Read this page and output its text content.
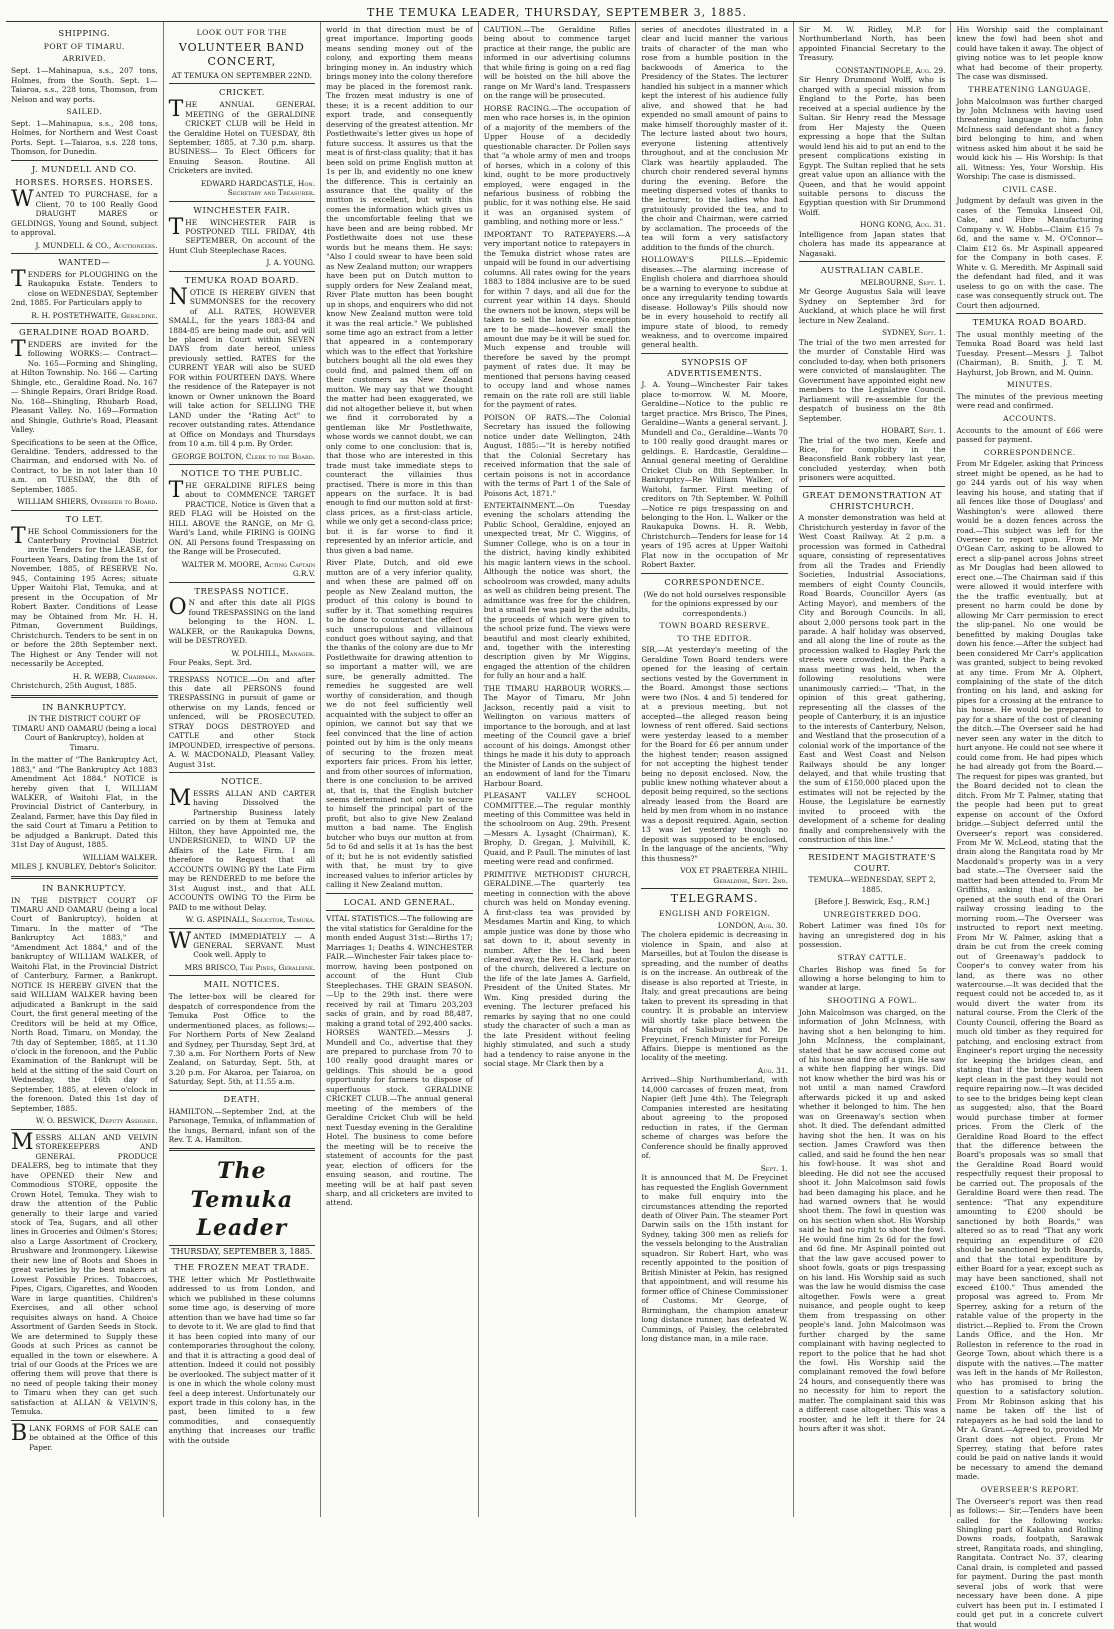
THE TEMUKA LEADER, THURSDAY, SEPTEMBER 3, 1885.
SHIPPING.
PORT OF TIMARU.
ARRIVED.

Sept. 1—Mahinapua, s.s., 207 tons, Holmes, from the South. Sept. 1—Taiaroa, s.s., 228 tons, Thomson, from Nelson and way ports.

SAILED.

Sept. 1—Mahinapua, s.s., 208 tons, Holmes, for Northern and West Coast Ports. Sept. 1—Taiaroa, s.s. 228 tons, Thomson, for Dunedin.

J. MUNDELL AND CO.
HORSES. HORSES. HORSES.

WANTED TO PURCHASE, for a Client, 70 to 100 Really Good DRAUGHT MARES or GELDINGS, Young and Sound, subject to approval.

J. MUNDELL & CO., Auctioneers.

WANTED—

TENDERS for PLOUGHING on the Raukapuka Estate. Tenders to close on WEDNESDAY, September 2nd, 1885. For Particulars apply to

R. H. POSTETHWAITE, Geraldine.

GERALDINE ROAD BOARD.

TENDERS are invited for the following WORKS:— Contract— No. 165—Forming and Shingling, at Hilton Township. No. 166 — Carting Shingle, etc., Geraldine Road. No. 167 — Shingle Repairs, Orari Bridge Road. No. 168—Shingling, Rhubarb Road, Pleasant Valley. No. 169—Formation and Shingle, Guthrie's Road, Pleasant Valley.

Specifications to be seen at the Office, Geraldine. Tenders, addressed to the Chairman, and endorsed with No. of Contract, to be in not later than 10 a.m. on TUESDAY, the 8th of September, 1885.

WILLIAM SHIERS, Overseer to Board.

TO LET.

THE School Commissioners for the Canterbury Provincial District invite Tenders for the LEASE, for Fourteen Years, Dating from the 1st of November, 1885, of RESERVE No. 945, Containing 195 Acres; situate Upper Waitohi Flat, Temuka, and at present in the Occupation of Mr Robert Baxter. Conditions of Lease may be Obtained from Mr. H. H. Pitman, Government Buildings, Christchurch. Tenders to be sent in on or before the 28th September next. The Highest or Any Tender will not necessarily be Accepted.

H. R. WEBB, Chairman.

Christchurch, 25th August, 1885.

IN BANKRUPTCY.

IN THE DISTRICT COURT OF TIMARU AND OAMARU (being a local Court of Bankruptcy), holden at Timaru.

In the matter of "The Bankruptcy Act, 1883," and "The Bankruptcy Act 1883 Amendment Act 1884." NOTICE is hereby given that I, WILLIAM WALKER, of Waitohi Flat, in the Provincial District of Canterbury, in Zealand, Farmer, have this Day filed in the said Court at Timaru a Petition to be adjudged a Bankrupt. Dated this 31st Day of August, 1885.

WILLIAM WALKER.

MILES J. KNUBLEY, Debtor's Solicitor.

IN BANKRUPTCY.

IN THE DISTRICT COURT OF TIMARU AND OAMARU (being a local Court of Bankruptcy), holden at Timaru. In the matter of "The Bankruptcy Act 1883," and "Amendment Act 1884," and of the bankruptcy of WILLIAM WALKER, of Waitohi Flat, in the Provincial District of Canterbury, Farmer, a Bankrupt. NOTICE IS HEREBY GIVEN that the said WILLIAM WALKER having been adjudicated a Bankrupt in the said Court, the first general meeting of the Creditors will be held at my Office, North Road, Timaru, on Monday, the 7th day of September, 1885, at 11.30 o'clock in the forenoon, and the Public Examination of the Bankrupt will be held at the sitting of the said Court on Wednesday, the 16th day of September, 1885, at eleven o'clock in the forenoon. Dated this 1st day of September, 1885.

W. O. BESWICK, Deputy Assignee.

MESSRS ALLAN AND VELVIN STOREKEEPERS AND GENERAL PRODUCE DEALERS, beg to intimate that they have OPENED their New and Commodious STORE, opposite the Crown Hotel, Temuka. They wish to draw the attention of the Public generally to their large and varied stock of Tea, Sugars, and all other lines in Groceries and Oilmen's Stores; also a Large Assortment of Crockery, Brushware and Ironmongery. Likewise their new line of Boots and Shoes in great varieties by the best makers at Lowest Possible Prices. Tobaccoes, Pipes, Cigars, Cigarettes, and Wooden Ware in large quantities. Children's Exercises, and all other school requisites always on hand. A Choice Assortment of Garden Seeds in Stock. We are determined to Supply these Goods at such Prices as cannot be equalled in the town or elsewhere. A trial of our Goods at the Prices we are offering them will prove that there is no need of people taking their money to Timaru when they can get such satisfaction at ALLAN & VELVIN'S, Temuka.

BLANK FORMS of FOR SALE can be obtained at the Office of this Paper.

LOOK OUT FOR THE
VOLUNTEER BAND CONCERT,

AT TEMUKA ON SEPTEMBER 22ND.

CRICKET.

THE ANNUAL GENERAL MEETING of the GERALDINE CRICKET CLUB will be Held in the Geraldine Hotel on TUESDAY, 8th September, 1885, at 7.30 p.m. sharp. BUSINESS— To Elect Officers for Ensuing Season. Routine. All Cricketers are invited.

EDWARD HARDCASTLE, Hon. Secretary and Treasurer.

WINCHESTER FAIR.

THE WINCHESTER FAIR is POSTPONED TILL FRIDAY, 4th SEPTEMBER, On account of the Hunt Club Steeplechase Races.

J. A. YOUNG.

TEMUKA ROAD BOARD.

NOTICE IS HEREBY GIVEN that SUMMONSES for the recovery of ALL RATES, HOWEVER SMALL, for the years 1883-84 and 1884-85 are being made out, and will be placed in Court within SEVEN DAYS from date hereof, unless previously settled. RATES for the CURRENT YEAR will also be SUED FOR within FOURTEEN DAYS. Where the residence of the Ratepayer is not known or Owner unknown the Board will take action for SELLING THE LAND under the "Rating Act" to recover outstanding rates. Attendance at Office on Mondays and Thursdays from 10 a.m. till 4 p.m. By Order.

GEORGE BOLTON, Clerk to the Board.

NOTICE TO THE PUBLIC.

THE GERALDINE RIFLES being about to COMMENCE TARGET PRACTICE, Notice is Given that a RED FLAG will be Hoisted on the HILL ABOVE the RANGE, on Mr G. Ward's Land, while FIRING is GOING ON. All Persons found Trespassing on the Range will be Prosecuted.

WALTER M. MOORE, Acting Captain G.R.V.

TRESPASS NOTICE.

ON and after this date all PIGS found TRESPASSING on the land belonging to the HON. L. WALKER, or the Raukapuka Downs, will be DESTROYED.

W. POLHILL, Manager.

Four Peaks, Sept. 3rd.

TRESPASS NOTICE.—On and after this date all PERSONS found TRESPASSING in pursuit of game or otherwise on my Lands, fenced or unfenced, will be PROSECUTED. STRAY DOGS DESTROYED and CATTLE and other Stock IMPOUNDED, irrespective of persons. A. W. MACDONALD, Pleasant Valley. August 31st.

NOTICE.

MESSRS ALLAN AND CARTER having Dissolved the Partnership Business lately carried on by them at Temuka and Hilton, they have Appointed me, the UNDERSIGNED, to WIND UP the Affairs of the Late Firm. I am therefore to Request that all ACCOUNTS OWING BY the Late Firm may be RENDERED to me before the 31st August inst., and that ALL ACCOUNTS OWING TO the Firm be PAID to me without Delay.

W. G. ASPINALL, Solicitor, Temuka.

WANTED IMMEDIATELY — A GENERAL SERVANT. Must Cook well. Apply to

MRS BRISCO, The Pines, Geraldine.

MAIL NOTICES.

The letter-box will be cleared for despatch of correspondence from the Temuka Post Office to the undermentioned places, as follows:— For Northern Ports of New Zealand and Sydney, per Thursday, Sept 3rd, at 7.30 a.m. For Northern Ports of New Zealand, on Saturday, Sept. 5th, at 3.20 p.m. For Akaroa, per Taiaroa, on Saturday, Sept. 5th, at 11.55 a.m.

DEATH.

HAMILTON.—September 2nd, at the Parsonage, Temuka, of inflammation of the lungs, Bernard, infant son of the Rev. T. A. Hamilton.

The Temuka Leader
THURSDAY, SEPTEMBER 3, 1885.
THE FROZEN MEAT TRADE.

THE letter which Mr Postlethwaite addressed to us from London, and which we published in these columns some time ago, is deserving of more attention than we have had time so far to devote to it. We are glad to find that it has been copied into many of our contemporaries throughout the colony, and that it is attracting a good deal of attention. Indeed it could not possibly be overlooked. The subject matter of it is one in which the whole colony must feel a deep interest. Unfortunately our export trade in this colony has, in the past, been limited to a few commodities, and consequently anything that increases our traffic with the outside

world in that direction must be of great importance. Importing goods means sending money out of the colony, and exporting them means bringing money in. An industry which brings money into the colony therefore may be placed in the foremost rank. The frozen meat industry is one of these; it is a recent addition to our export trade, and consequently deserving of the greatest attention. Mr Postlethwaite's letter gives us hope of future success. It assures us that the meat is of first-class quality; that it has been sold on prime English mutton at 1s per lb, and evidently no one knew the difference. This is certainly an assurance that the quality of the mutton is excellent, but with this comes the information which gives us the uncomfortable feeling that we have been and are being robbed. Mr Postlethwaite does not use these words but he means them. He says: "Also I could swear to have been sold as New Zealand mutton; our wrappers have been put on Dutch mutton to supply orders for New Zealand meat, River Plate mutton has been bought up in shops, and enquirers who did not know New Zealand mutton were told it was the real article." We published some time ago an extract from a letter that appeared in a contemporary which was to the effect that Yorkshire butchers bought all the old ewes they could find, and palmed them off on their customers as New Zealand mutton. We may say that we thought the matter had been exaggerated, we did not altogether believe it, but when we find it corroborated by a gentleman like Mr Postlethwaite, whose words we cannot doubt, we can only come to one conclusion: that is, that those who are interested in this trade must take immediate steps to counteract the villainies thus practised. There is more in this than appears on the surface. It is bad enough to find our mutton sold at first-class prices, as a first-class article, while we only get a second-class price; but it is far worse to find it represented by an inferior article, and thus given a bad name.

River Plate, Dutch, and old ewe mutton are of a very inferior quality, and when these are palmed off on people as New Zealand mutton, the product of this colony is bound to suffer by it. That something requires to be done to counteract the effect of such unscrupulous and villainous conduct goes without saying, and that the thanks of the colony are due to Mr Postlethwaite for drawing attention to so important a matter will, we are sure, be generally admitted. The remedies he suggested are well worthy of consideration, and though we do not feel sufficiently well acquainted with the subject to offer an opinion, we cannot but say that we feel convinced that the line of action pointed out by him is the only means of securing to the frozen meat exporters fair prices. From his letter, and from other sources of information, there is one conclusion to be arrived at, that is, that the English butcher seems determined not only to secure to himself the principal part of the profit, but also to give New Zealand mutton a bad name. The English butcher who buys our mutton at from 5d to 6d and sells it at 1s has the best of it; but he is not evidently satisfied with that, he must try to give increased values to inferior articles by calling it New Zealand mutton.

LOCAL AND GENERAL.

VITAL STATISTICS.—The following are the vital statistics for Geraldine for the month ended August 31st:—Births 17; Marriages 1; Deaths 4. WINCHESTER FAIR.—Winchester Fair takes place to-morrow, having been postponed on account of the Hunt Club Steeplechases. THE GRAIN SEASON.—Up to the 29th inst. there were received by rail at Timaru 203,203 sacks of grain, and by road 88,487, making a grand total of 292,400 sacks. HORSES WANTED.—Messrs J. Mundell and Co., advertise that they are prepared to purchase from 70 to 100 really good draught mares or geldings. This should be a good opportunity for farmers to dispose of superfluous stock. GERALDINE CRICKET CLUB.—The annual general meeting of the members of the Geraldine Cricket Club will be held next Tuesday evening in the Geraldine Hotel. The business to come before the meeting will be to receive the statement of accounts for the past year, election of officers for the ensuing season, and routine. The meeting will be at half past seven sharp, and all cricketers are invited to attend.

CAUTION.—The Geraldine Rifles being about to commence target practice at their range, the public are informed in our advertising columns that while firing is going on a red flag will be hoisted on the hill above the range on Mr Ward's land. Trespassers on the range will be prosecuted.

HORSE RACING.—The occupation of men who race horses is, in the opinion of a majority of the members of the Upper House of a decidedly questionable character. Dr Pollen says that "a whole army of men and troops of horses, which in a colony of this kind, ought to be more productively employed, were engaged in the nefarious business of robbing the public, for it was nothing else. He said it was an organised system of gambling, and nothing more or less."

IMPORTANT TO RATEPAYERS.—A very important notice to ratepayers in the Temuka district whose rates are unpaid will be found in our advertising columns. All rates owing for the years 1883 to 1884 inclusive are to be sued for within 7 days, and all due for the current year within 14 days. Should the owners not be known, steps will be taken to sell the land. No exception are to be made—however small the amount due may be it will be sued for. Much expense and trouble will therefore be saved by the prompt payment of rates due. It may be mentioned that persons having ceased to occupy land and whose names remain on the rate roll are still liable for the payment of rates.

POISON OF RATS.—The Colonial Secretary has issued the following notice under date Wellington, 24th August, 1885:—"It is hereby notified that the Colonial Secretary has received information that the sale of certain poisons is not in accordance with the terms of Part 1 of the Sale of Poisons Act, 1871."

ENTERTAINMENT.—On Tuesday evening the scholars attending the Public School, Geraldine, enjoyed an unexpected treat, Mr C. Wiggins, of Sumner College, who is on a tour in the district, having kindly exhibited his magic lantern views in the school. Although the notice was short, the schoolroom was crowded, many adults as well as children being present. The admittance was free for the children, but a small fee was paid by the adults, the proceeds of which were given to the school prize fund. The views were beautiful and most clearly exhibited, and, together with the interesting description given by Mr Wiggins, engaged the attention of the children for fully an hour and a half.

THE TIMARU HARBOUR WORKS.—The Mayor of Timaru, Mr John Jackson, recently paid a visit to Wellington on various matters of importance to the borough, and at last meeting of the Council gave a brief account of his doings. Amongst other things he made it his duty to approach the Minister of Lands on the subject of an endowment of land for the Timaru Harbour Board.

PLEASANT VALLEY SCHOOL COMMITTEE.—The regular monthly meeting of this Committee was held in the schoolroom on Aug. 29th. Present—Messrs A. Lysaght (Chairman), K. Brophy, D. Gregan, J. Mulvihill, K. Quaid, and P. Paull. The minutes of last meeting were read and confirmed.

PRIMITIVE METHODIST CHURCH, GERALDINE.—The quarterly tea meeting in connection with the above church was held on Monday evening. A first-class tea was provided by Mesdames Martin and King, to which ample justice was done by those who sat down to it, about seventy in number. After the tea had been cleared away, the Rev. H. Clark, pastor of the church, delivered a lecture on the life of the late James A. Garfield, President of the United States. Mr Wm. King presided during the evening. The lecturer prefaced his remarks by saying that no one could study the character of such a man as the late President without feeling highly stimulated, and such a study had a tendency to raise anyone in the social stage. Mr Clark then by a

series of anecdotes illustrated in a clear and lucid manner the various traits of character of the man who rose from a humble position in the backwoods of America to the Presidency of the States. The lecturer handled his subject in a manner which kept the interest of his audience fully alive, and showed that he had expended no small amount of pains to make himself thoroughly master of it. The lecture lasted about two hours, everyone listening attentively throughout, and at the conclusion Mr Clark was heartily applauded. The church choir rendered several hymns during the evening. Before the meeting dispersed votes of thanks to the lecturer, to the ladies who had gratuitously provided the tea, and to the choir and Chairman, were carried by acclamation. The proceeds of the tea will form a very satisfactory addition to the funds of the church.

HOLLOWAY'S PILLS.—Epidemic diseases.—The alarming increase of English cholera and diarrhoea should be a warning to everyone to subdue at once any irregularity tending towards disease. Holloway's Pills should now be in every household to rectify all impure state of blood, to remedy weakness, and to overcome impaired general health.

SYNOPSIS OF ADVERTISEMENTS.

J. A. Young—Winchester Fair takes place to-morrow. W. M. Moore, Geraldine—Notice to the public re target practice. Mrs Brisco, The Pines, Geraldine—Wants a general servant. J. Mundell and Co., Geraldine—Wants 70 to 100 really good draught mares or geldings. E. Hardcastle, Geraldine—Annual general meeting of Geraldine Cricket Club on 8th September. In Bankruptcy—Re William Walker, of Waitohi, farmer. First meeting of creditors on 7th September. W. Polhill—Notice re pigs trespassing on and belonging to the Hon. L. Walker or the Raukapuka Downs. H. R. Webb, Christchurch—Tenders for lease for 14 years of 195 acres at Upper Waitohi Flat now in the occupation of Mr Robert Baxter.

CORRESPONDENCE.

(We do not hold ourselves responsible for the opinions expressed by our correspondents.)

TOWN BOARD RESERVE.
TO THE EDITOR.

SIR,—At yesterday's meeting of the Geraldine Town Board tenders were opened for the leasing of certain sections vested by the Government in the Board. Amongst those sections were two (Nos. 4 and 5) tendered for at a previous meeting, but not accepted—the alleged reason being lowness of rent offered. Said sections were yesterday leased to a member for the Board for £6 per annum under the highest tender; reason assigned for not accepting the highest tender being no deposit enclosed. Now, the public knew nothing whatever about a deposit being required, so the sections already leased from the Board are held by men from whom in no instance was a deposit required. Again, section 13 was let yesterday though no deposit was supposed to be enclosed. In the language of the ancients, "Why this thusness?"

VOX ET PRAETEREA NIHIL. Geraldine, Sept. 2nd.

TELEGRAMS.
ENGLISH AND FOREIGN.

LONDON, Aug. 30.

The cholera epidemic is decreasing in violence in Spain, and also at Marseilles, but at Toulon the disease is spreading, and the number of deaths is on the increase. An outbreak of the disease is also reported at Trieste, in Italy, and great precautions are being taken to prevent its spreading in that country. It is probable an interview will shortly take place between the Marquis of Salisbury and M. De Freycinet, French Minister for Foreign Affairs. Dieppe is mentioned as the locality of the meeting.

Aug. 31.

Arrived—Ship Northumberland, with 14,000 carcases of frozen meat, from Napier (left June 4th). The Telegraph Companies interested are hesitating about agreeing to the proposed reduction in rates, if the German scheme of charges was before the Conference should be finally approved of.

Sept. 1.

It is announced that M. De Freycinet has requested the English Government to make full enquiry into the circumstances attending the reported death of Oliver Pain. The steamer Port Darwin sails on the 15th instant for Sydney, taking 300 men as reliefs for the vessels belonging to the Australian squadron. Sir Robert Hart, who was recently appointed to the position of British Minister at Pekin, has resigned that appointment, and will resume his former office of Chinese Commissioner of Customs. Mr George, of Birmingham, the champion amateur long distance runner, has defeated W. Cummings, of Paisley, the celebrated long distance man, in a mile race.

Sir M. W. Ridley, M.P. for Northumberland North, has been appointed Financial Secretary to the Treasury.

CONSTANTINOPLE, Aug. 29.

Sir Henry Drummond Wolff, who is charged with a special mission from England to the Porte, has been received at a special audience by the Sultan. Sir Henry read the Message from Her Majesty the Queen expressing a hope that the Sultan would lend his aid to put an end to the present complications existing in Egypt. The Sultan replied that he sets great value upon an alliance with the Queen, and that he would appoint suitable persons to discuss the Egyptian question with Sir Drummond Wolff.

HONG KONG, Aug. 31.

Intelligence from Japan states that cholera has made its appearance at Nagasaki.

AUSTRALIAN CABLE.

MELBOURNE, Sept. 1.

Mr George Augustus Sala will leave Sydney on September 3rd for Auckland, at which place he will first lecture in New Zealand.

SYDNEY, Sept. 1.

The trial of the two men arrested for the murder of Constable Hird was concluded to-day, when both prisoners were convicted of manslaughter. The Government have appointed eight new members to the Legislative Council. Parliament will re-assemble for the despatch of business on the 8th September.

HOBART, Sept. 1.

The trial of the two men, Keefe and Rice, for complicity in the Beaconsfield Bank robbery last year, concluded yesterday, when both prisoners were acquitted.

GREAT DEMONSTRATION AT CHRISTCHURCH.

A monster demonstration was held at Christchurch yesterday in favor of the West Coast Railway. At 2 p.m. a procession was formed in Cathedral square, consisting of representatives from all the Trades and Friendly Societies, Industrial Associations, members of eight County Councils, Road Boards, Councillor Ayers (as Acting Mayor), and members of the City and Borough Councils. In all, about 2,000 persons took part in the parade. A half holiday was observed, and all along the line of route as the procession walked to Hagley Park the streets were crowded. In the Park a mass meeting was held, when the following resolutions were unanimously carried:— "That, in the opinion of this great gathering, representing all the classes of the people of Canterbury, it is an injustice to the interests of Canterbury, Nelson, and Westland that the prosecution of a colonial work of the importance of the East and West Coast and Nelson Railways should be any longer delayed, and that while trusting that the sum of £150,000 placed upon the estimates will not be rejected by the House, the Legislature be earnestly invited to proceed with the development of a scheme for dealing finally and comprehensively with the construction of this line."

RESIDENT MAGISTRATE'S COURT.

TEMUKA—WEDNESDAY, SEPT 2, 1885.

[Before J. Beswick, Esq., R.M.]

UNREGISTERED DOG.

Robert Latimer was fined 10s for having an unregistered dog in his possession.

STRAY CATTLE.

Charles Bishop was fined 5s for allowing a horse belonging to him to wander at large.

SHOOTING A FOWL.

John Malcolmson was charged, on the information of John McInness, with having shot a hen belonging to him. John McInness, the complainant, stated that he saw accused come out of his house and fire off a gun. He saw a white hen flapping her wings. Did not know whether the bird was his or not until a man named Crawford afterwards picked it up and asked whether it belonged to him. The hen was on Greenaway's section when shot. It died. The defendant admitted having shot the hen. It was on his section. James Crawford was then called, and said he found the hen near his fowl-house. It was shot and bleeding. He did not see the accused shoot it. John Malcolmson said fowls had been damaging his place, and he had warned owners that he would shoot them. The fowl in question was on his section when shot. His Worship said he had no right to shoot the fowl. He would fine him 2s 6d for the fowl and 6d fine. Mr Aspinall pointed out that the law gave accused power to shoot fowls, goats or pigs trespassing on his land. His Worship said as such was the law he would dismiss the case altogether. Fowls were a great nuisance, and people ought to keep them from trespassing on other people's land. John Malcolmson was further charged by the same complainant with having neglected to report to the police that he had shot the fowl. His Worship said the complainant removed the fowl before 24 hours, and consequently there was no necessity for him to report the matter. The complainant said this was a different case altogether. This was a rooster, and he left it there for 24 hours after it was shot.

His Worship said the complainant knew the fowl had been shot and could have taken it away. The object of giving notice was to let people know what had become of their property. The case was dismissed.

THREATENING LANGUAGE.

John Malcolmson was further charged by John McInness with having used threatening language to him. John McInness said defendant shot a fancy bird belonging to him, and when witness asked him about it he said he would kick his — His Worship: Is that all. Witness: Yes, Your Worship. His Worship: The case is dismissed.

CIVIL CASE.

Judgment by default was given in the cases of the Temuka Linseed Oil, Cake, and Fibre Manufacturing Company v. W. Hobbs—Claim £15 7s 6d, and the same v. M. O'Connor—Claim £12 6s. Mr Aspinall appeared for the Company in both cases. F. White v. G. Meredith. Mr Aspinall said the defendant had filed, and it was useless to go on with the case. The case was consequently struck out. The Court then adjourned.

TEMUKA ROAD BOARD.

The usual monthly meeting of the Temuka Road Board was held last Tuesday. Present—Messrs J. Talbot (Chairman), B. Smith, J. T. M. Hayhurst, Job Brown, and M. Quinn.

MINUTES.

The minutes of the previous meeting were read and confirmed.

ACCOUNTS.

Accounts to the amount of £66 were passed for payment.

CORRESPONDENCE.

From Mr Edgeler, asking that Princess street might be opened, as he had to go 244 yards out of his way when leaving his house, and stating that if all fences like those of Douglass' and Washington's were allowed there would be a dozen fences across the road.—This subject was left for the Overseer to report upon. From Mr O'Gean Carr, asking to be allowed to erect a slip-panel across Johns street as Mr Douglas had been allowed to erect one.—The Chairman said if this were allowed it would interfere with the the traffic eventually, but at present no harm could be done by allowing Mr Carr permission to erect the slip-panel. No one would be benefitted by making Douglas take down his fence.—After the subject had been considered Mr Carr's application was granted, subject to being revoked at any time. From Mr A. Olphert, complaining of the state of the ditch fronting on his land, and asking for pipes for a crossing at the entrance to his house. He would be prepared to pay for a share of the cost of cleaning the ditch.—The Overseer said he had never seen any water in the ditch to hurt anyone. He could not see where it could come from. He had pipes which he had already got from the Board.—The request for pipes was granted, but the Board decided not to clean the ditch. From Mr T. Palmer, stating that the people had been put to great expense on account of the Oxford bridge.—Subject deferred until the Overseer's report was considered. From Mr W. McLeod, stating that the drain along the Rangitata road by Mr Macdonald's property was in a very bad state.—The Overseer said the matter had been attended to. From Mr Griffiths, asking that a drain be opened at the south end of the Orari railway crossing leading to the morning room.—The Overseer was instructed to report next meeting. From Mr W. Palmer, asking that a drain be cut from the creek coming out of Greenaway's paddock to Cooper's to convey water from his land, as there was no other watercourse.—It was decided that the request could not be acceded to, as it would divert the water from its natural course. From the Clerk of the County Council, offering the Board as much old timber as they required for patching, and enclosing extract from Engineer's report urging the necessity for keeping the bridges clean, and stating that if the bridges had been kept clean in the past they would not require repairing now.—It was decided to see to the bridges being kept clean as suggested; also, that the Board would purchase timber at former prices. From the Clerk of the Geraldine Road Board to the effect that the difference between the Board's proposals was so small that the Geraldine Road Board would respectfully request their proposal to be carried out. The proposals of the Geraldine Board were then read. The sentence: "That any expenditure amounting to £200 should be sanctioned by both Boards," was altered so as to read "That any work requiring an expenditure of £20 should be sanctioned by both Boards, and that the total expenditure by either Board for a year, except such as may have been sanctioned, shall not exceed £100." Thus amended the proposal was agreed to. From Mr Sperrey, asking for a return of the ratable value of the property in the district.—Replied to. From the Crown Lands Office, and the Hon. Mr Rolleston in reference to the road in George Town, about which there is a dispute with the natives.—The matter was left in the hands of Mr Rolleston, who has promised to bring the question to a satisfactory solution. From Mr Robinson asking that his name be taken off the list of ratepayers as he had sold the land to Mr A. Grant.—Agreed to, provided Mr Grant does not object. From Mr Sperrey, stating that before rates could be paid on native lands it would be necessary to amend the demand made.

OVERSEER'S REPORT.

The Overseer's report was then read as follows:— Sir,—Tenders have been called for the following works: Shingling part of Kakahu and Rolling Downs roads, footpath, Sarawak street, Rangitata roads, and shingling, Rangitata. Contract No. 37, clearing Canal drain, is completed and passed for payment. During the past month several jobs of work that were necessary have been done. A pipe culvert has been put in. I estimated I could get put in a concrete culvert that would
